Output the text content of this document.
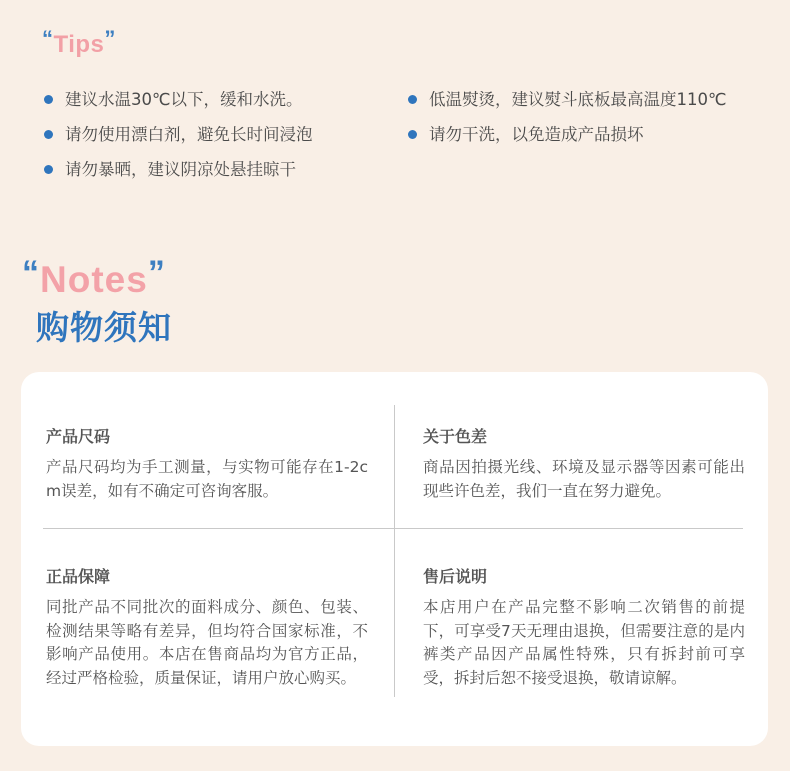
“Tips”
建议水温30℃以下，缓和水洗。
请勿使用漂白剂，避免长时间浸泡
请勿暴晒，建议阴凉处悬挂晾干
低温熨烫，建议熨斗底板最高温度110℃
请勿干洗，以免造成产品损坏
“Notes”
购物须知
产品尺码

产品尺码均为手工测量，与实物可能存在1-2cm误差，如有不确定可咨询客服。

关于色差

商品因拍摄光线、环境及显示器等因素可能出现些许色差，我们一直在努力避免。

正品保障

同批产品不同批次的面料成分、颜色、包装、检测结果等略有差异，但均符合国家标准，不影响产品使用。本店在售商品均为官方正品，经过严格检验，质量保证，请用户放心购买。

售后说明

本店用户在产品完整不影响二次销售的前提下，可享受7天无理由退换，但需要注意的是内裤类产品因产品属性特殊，只有拆封前可享受，拆封后恕不接受退换，敬请谅解。
